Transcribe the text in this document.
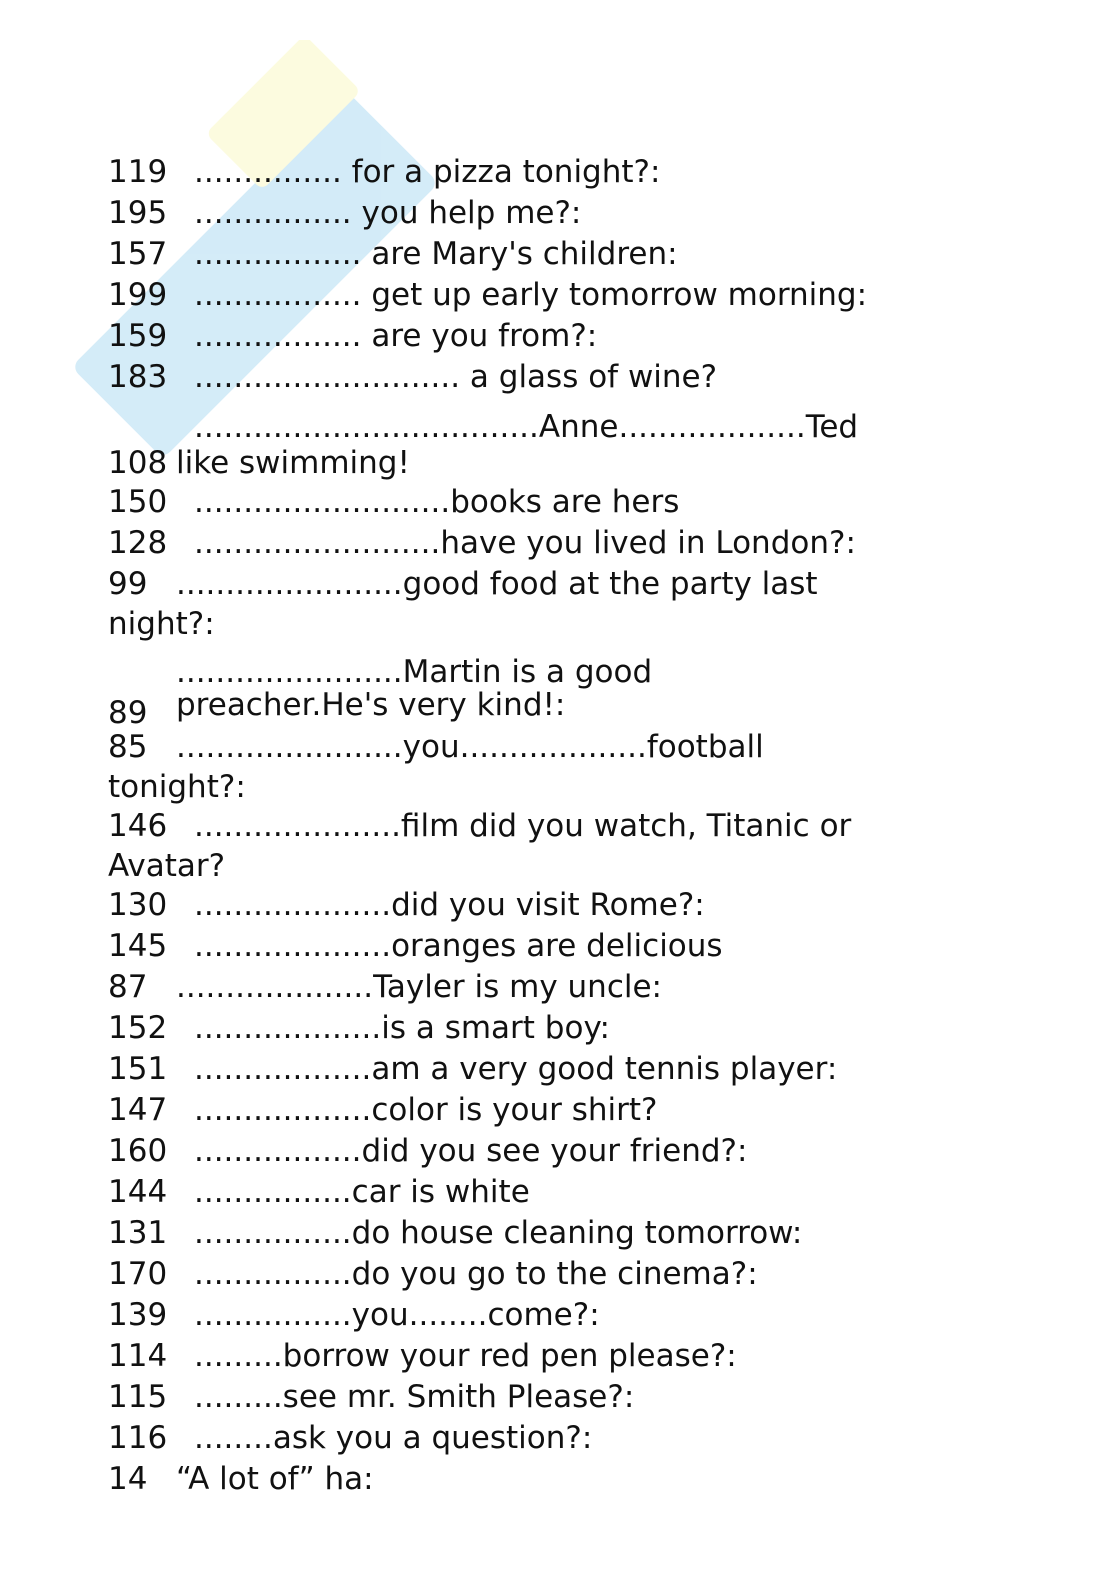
119 ............... for a pizza tonight?:
195 ................ you help me?:
157 ................. are Mary's children:
199 ................. get up early tomorrow morning:
159 ................. are you from?:
183 ........................... a glass of wine?
...................................Anne...................Ted
108 like swimming!
150 ..........................books are hers
128 .........................have you lived in London?:
99 .......................good food at the party last
night?:
.......................Martin is a good
89 preacher.He's very kind!:
85 .......................you...................football
tonight?:
146 .....................film did you watch, Titanic or
Avatar?
130 ....................did you visit Rome?:
145 ....................oranges are delicious
87 ....................Tayler is my uncle:
152 ...................is a smart boy:
151 ..................am a very good tennis player:
147 ..................color is your shirt?
160 .................did you see your friend?:
144 ................car is white
131 ................do house cleaning tomorrow:
170 ................do you go to the cinema?:
139 ................you........come?:
114 .........borrow your red pen please?:
115 .........see mr. Smith Please?:
116 ........ask you a question?:
14 “A lot of” ha:
